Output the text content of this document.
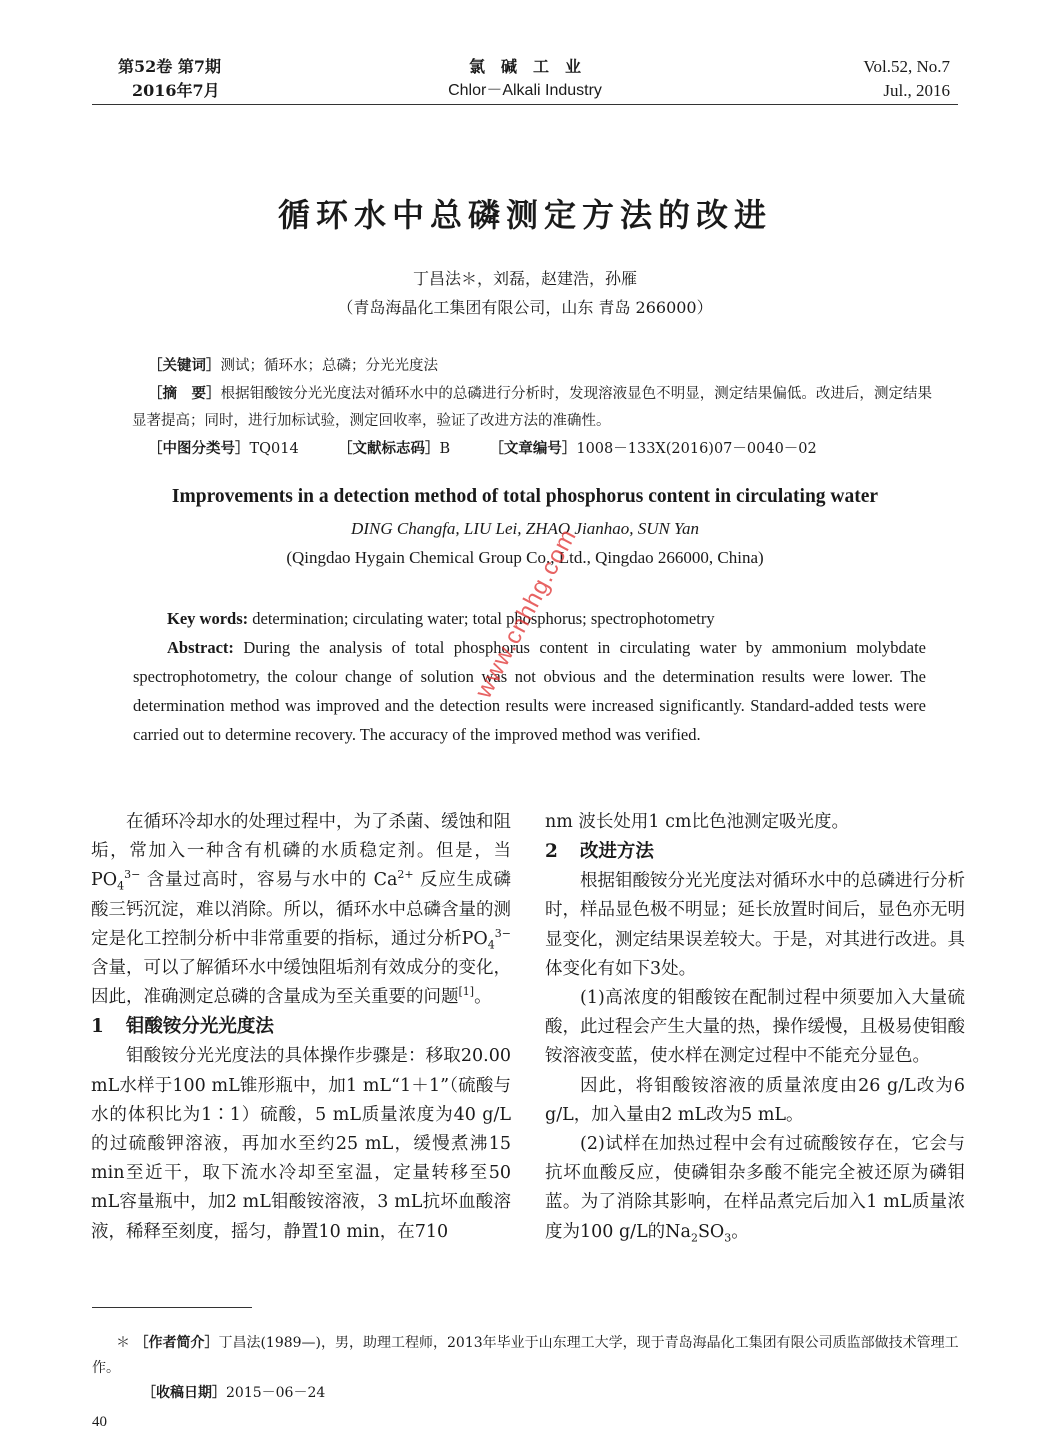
第52卷 第7期
2016年7月
氯　碱　工　业
Chlor－Alkali Industry
Vol.52, No.7
Jul., 2016
循环水中总磷测定方法的改进
丁昌法＊，刘磊，赵建浩，孙雁
（青岛海晶化工集团有限公司，山东 青岛 266000）

［关键词］测试；循环水；总磷；分光光度法

［摘　要］根据钼酸铵分光光度法对循环水中的总磷进行分析时，发现溶液显色不明显，测定结果偏低。改进后，测定结果显著提高；同时，进行加标试验，测定回收率，验证了改进方法的准确性。

［中图分类号］TQ014	［文献标志码］B	［文章编号］1008－133X(2016)07－0040－02

Improvements in a detection method of total phosphorus content in circulating water
DING Changfa, LIU Lei, ZHAO Jianhao, SUN Yan
(Qingdao Hygain Chemical Group Co., Ltd., Qingdao 266000, China)

Key words: determination; circulating water; total phosphorus; spectrophotometry

Abstract: During the analysis of total phosphorus content in circulating water by ammonium molybdate spectrophotometry, the colour change of solution was not obvious and the determination results were lower. The determination method was improved and the detection results were increased significantly. Standard-added tests were carried out to determine recovery. The accuracy of the improved method was verified.

在循环冷却水的处理过程中，为了杀菌、缓蚀和阻垢，常加入一种含有机磷的水质稳定剂。但是，当$PO_4^{3-}$ 含量过高时，容易与水中的 $Ca^{2+}$ 反应生成磷酸三钙沉淀，难以消除。所以，循环水中总磷含量的测定是化工控制分析中非常重要的指标，通过分析$PO_4^{3-}$ 含量，可以了解循环水中缓蚀阻垢剂有效成分的变化，因此，准确测定总磷的含量成为至关重要的问题[1]。

1 钼酸铵分光光度法

钼酸铵分光光度法的具体操作步骤是：移取20.00 mL水样于100 mL锥形瓶中，加1 mL“1＋1”（硫酸与水的体积比为1∶1）硫酸，5 mL质量浓度为40 g/L的过硫酸钾溶液，再加水至约25 mL，缓慢煮沸15 min至近干，取下流水冷却至室温，定量转移至50 mL容量瓶中，加2 mL钼酸铵溶液，3 mL抗坏血酸溶液，稀释至刻度，摇匀，静置10 min，在710

nm 波长处用1 cm比色池测定吸光度。

2 改进方法

根据钼酸铵分光光度法对循环水中的总磷进行分析时，样品显色极不明显；延长放置时间后，显色亦无明显变化，测定结果误差较大。于是，对其进行改进。具体变化有如下3处。

(1)高浓度的钼酸铵在配制过程中须要加入大量硫酸，此过程会产生大量的热，操作缓慢，且极易使钼酸铵溶液变蓝，使水样在测定过程中不能充分显色。

因此，将钼酸铵溶液的质量浓度由26 g/L改为6 g/L，加入量由2 mL改为5 mL。

(2)试样在加热过程中会有过硫酸铵存在，它会与抗坏血酸反应，使磷钼杂多酸不能完全被还原为磷钼蓝。为了消除其影响，在样品煮完后加入1 mL质量浓度为100 g/L的$Na_2SO_3$。

＊ ［作者简介］丁昌法(1989—)，男，助理工程师，2013年毕业于山东理工大学，现于青岛海晶化工集团有限公司质监部做技术管理工作。
［收稿日期］2015－06－24
40
www.cnhhg.com
